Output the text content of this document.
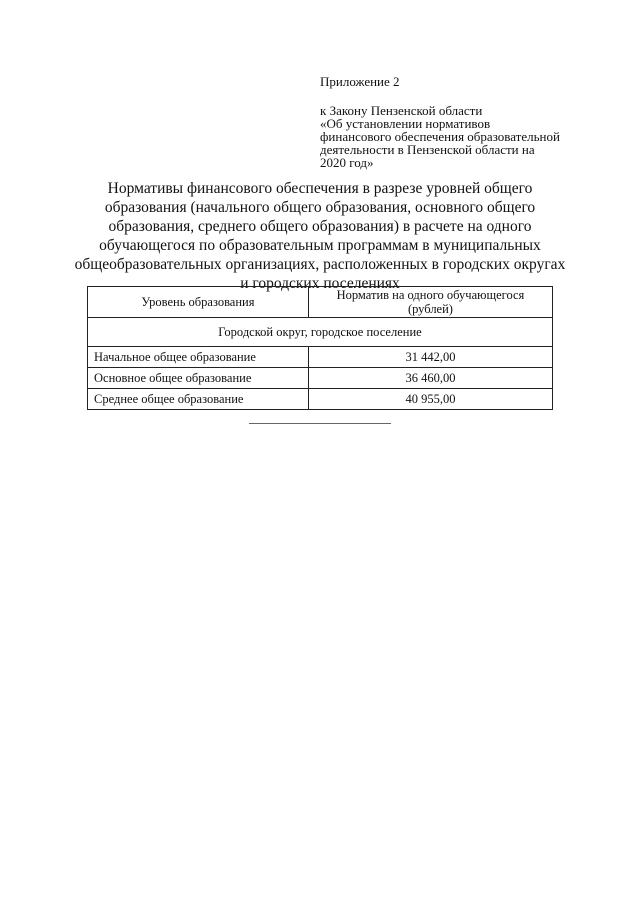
Приложение 2
к Закону Пензенской области
«Об установлении нормативов
финансового обеспечения образовательной
деятельности в Пензенской области на
2020 год»
Нормативы финансового обеспечения в разрезе уровней общего
образования (начального общего образования, основного общего
образования, среднего общего образования) в расчете на одного
обучающегося по образовательным программам в муниципальных
общеобразовательных организациях, расположенных в городских округах
и городских поселениях
Уровень образования	Норматив на одного обучающегося
(рублей)

Городской округ, городское поселение	
Начальное общее образование	31 442,00
Основное общее образование	36 460,00
Среднее общее образование	40 955,00
